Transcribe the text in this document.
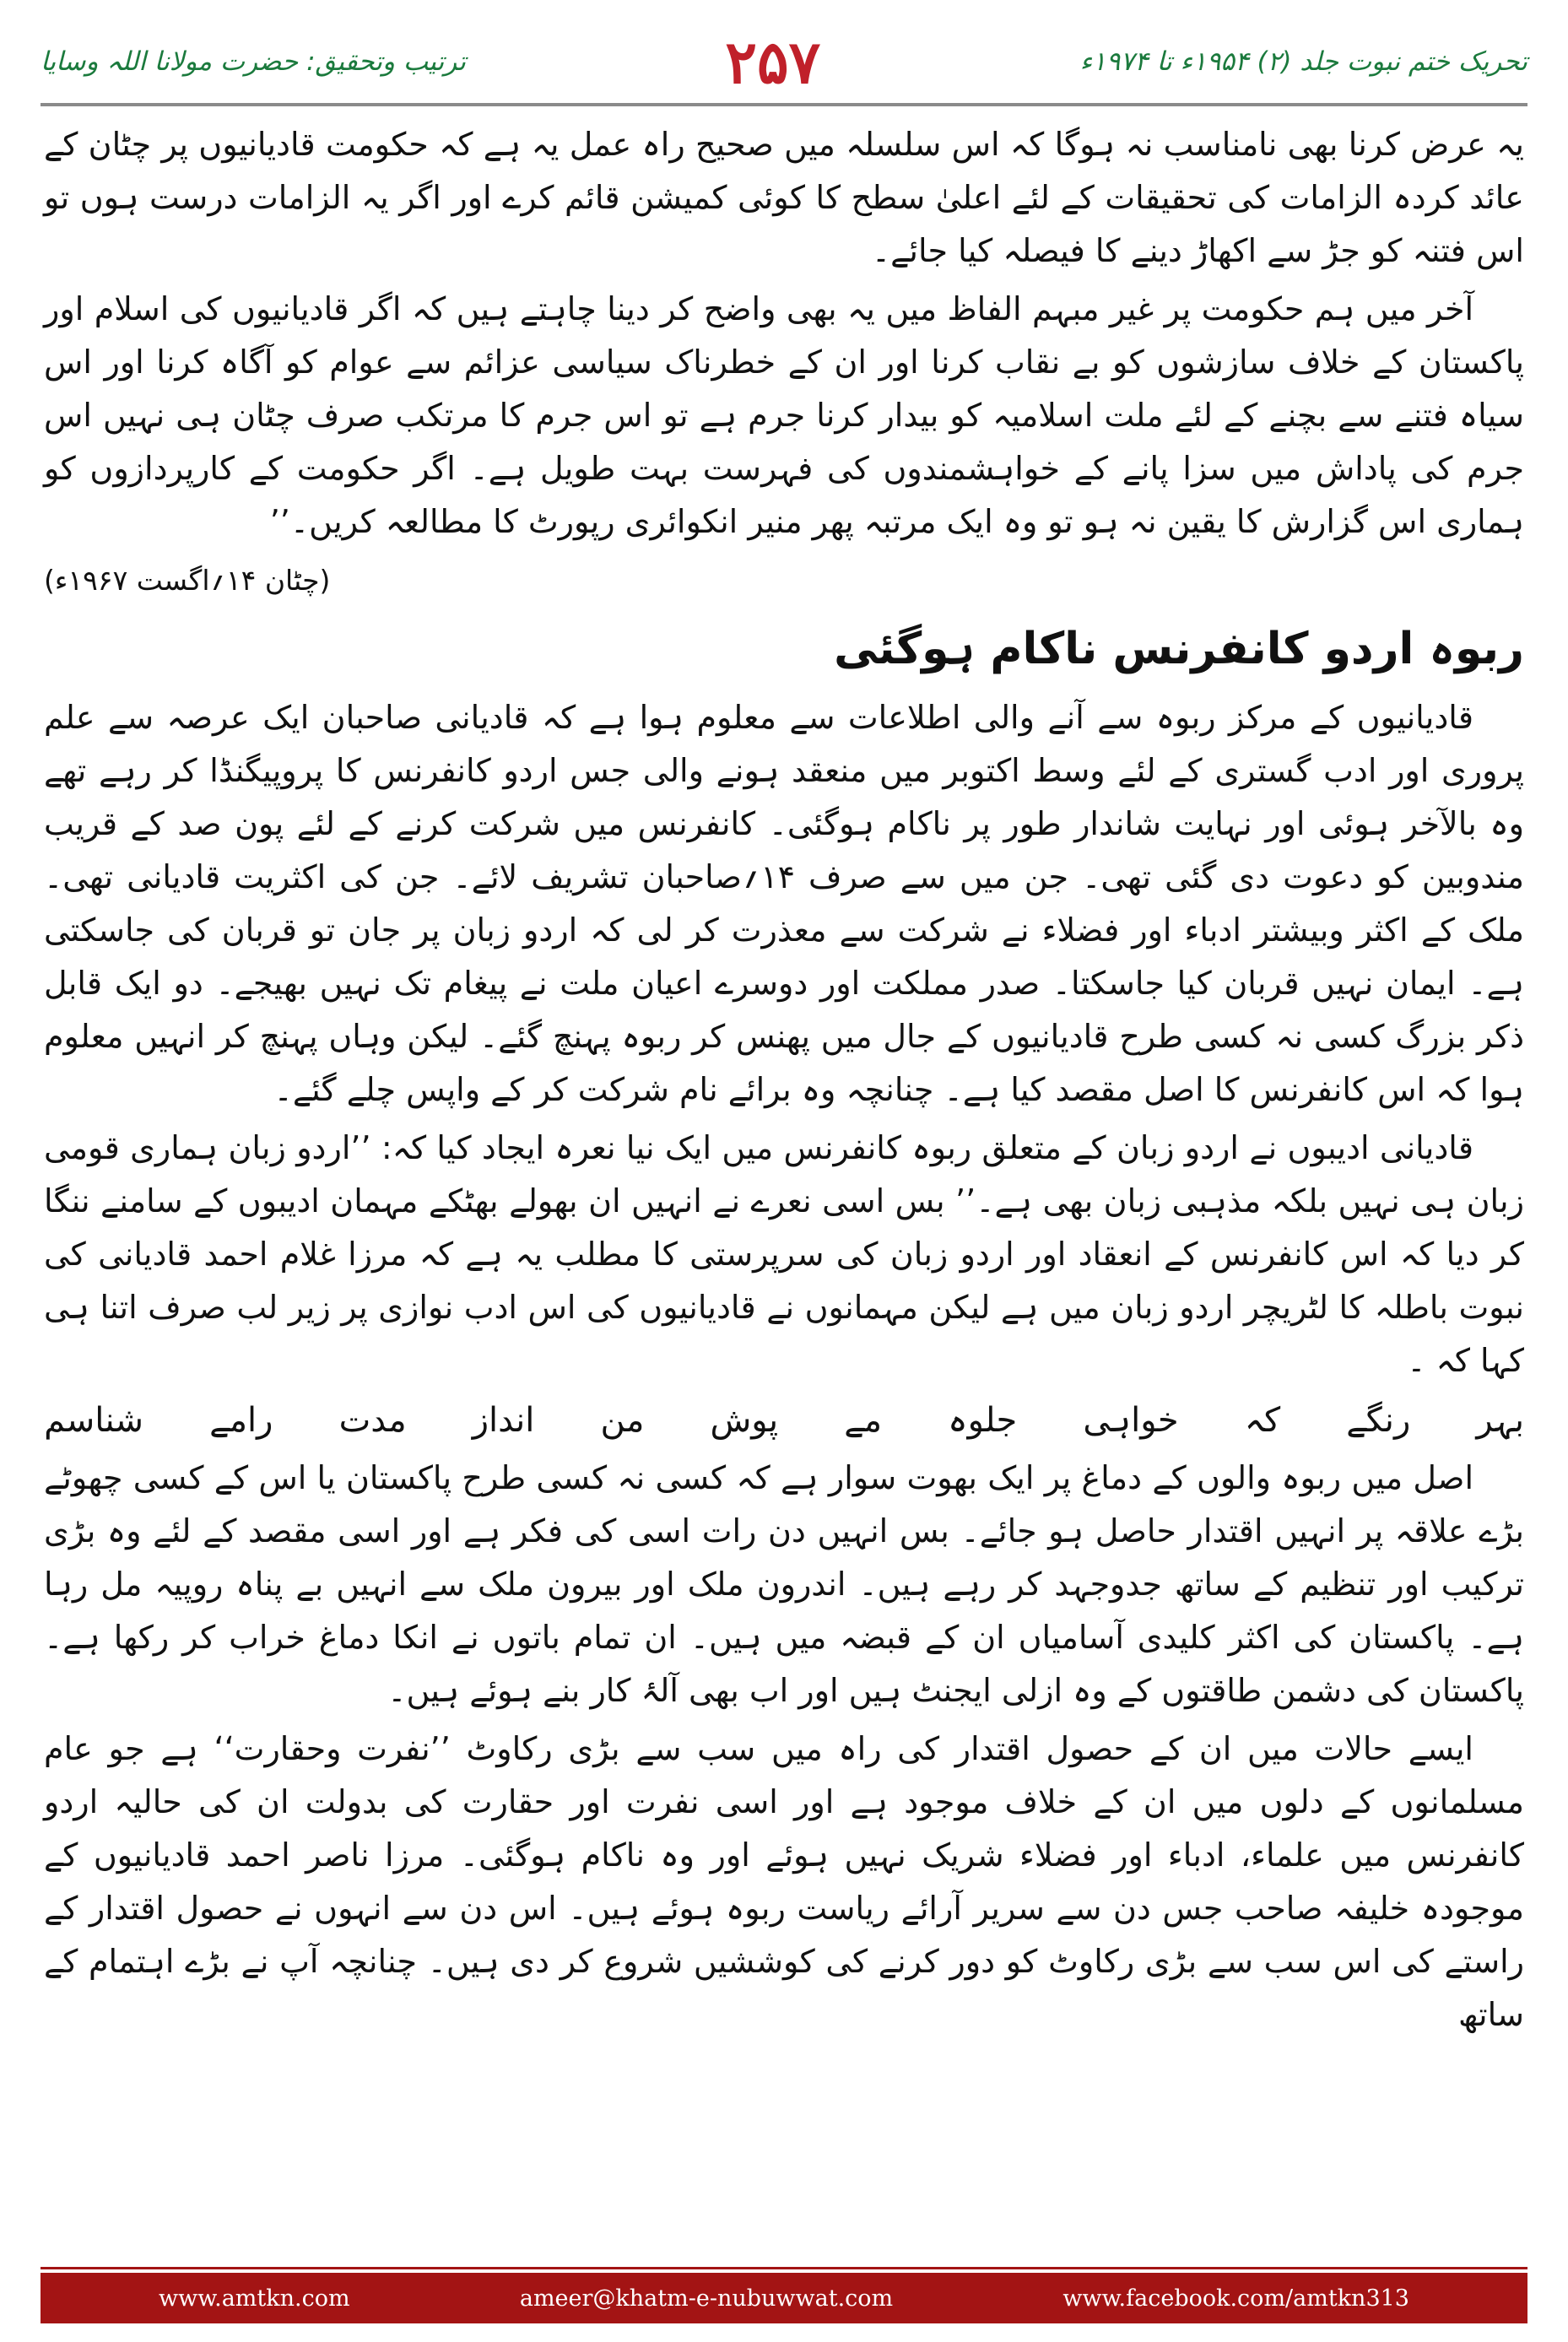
ترتیب وتحقیق: حضرت مولانا اللہ وسایا	۲۵۷	تحریک ختم نبوت جلد (۲) ۱۹۵۴ء تا ۱۹۷۴ء

یہ عرض کرنا بھی نامناسب نہ ہوگا کہ اس سلسلہ میں صحیح راہ عمل یہ ہے کہ حکومت قادیانیوں پر چٹان کے عائد کردہ الزامات کی تحقیقات کے لئے اعلیٰ سطح کا کوئی کمیشن قائم کرے اور اگر یہ الزامات درست ہوں تو اس فتنہ کو جڑ سے اکھاڑ دینے کا فیصلہ کیا جائے۔

آخر میں ہم حکومت پر غیر مبہم الفاظ میں یہ بھی واضح کر دینا چاہتے ہیں کہ اگر قادیانیوں کی اسلام اور پاکستان کے خلاف سازشوں کو بے نقاب کرنا اور ان کے خطرناک سیاسی عزائم سے عوام کو آگاہ کرنا اور اس سیاہ فتنے سے بچنے کے لئے ملت اسلامیہ کو بیدار کرنا جرم ہے تو اس جرم کا مرتکب صرف چٹان ہی نہیں اس جرم کی پاداش میں سزا پانے کے خواہشمندوں کی فہرست بہت طویل ہے۔ اگر حکومت کے کارپردازوں کو ہماری اس گزارش کا یقین نہ ہو تو وہ ایک مرتبہ پھر منیر انکوائری رپورٹ کا مطالعہ کریں۔’’

(چٹان ۱۴؍اگست ۱۹۶۷ء)
ربوہ اردو کانفرنس ناکام ہوگئی

قادیانیوں کے مرکز ربوہ سے آنے والی اطلاعات سے معلوم ہوا ہے کہ قادیانی صاحبان ایک عرصہ سے علم پروری اور ادب گستری کے لئے وسط اکتوبر میں منعقد ہونے والی جس اردو کانفرنس کا پروپیگنڈا کر رہے تھے وہ بالآخر ہوئی اور نہایت شاندار طور پر ناکام ہوگئی۔ کانفرنس میں شرکت کرنے کے لئے پون صد کے قریب مندوبین کو دعوت دی گئی تھی۔ جن میں سے صرف ۱۴؍صاحبان تشریف لائے۔ جن کی اکثریت قادیانی تھی۔ ملک کے اکثر وبیشتر ادباء اور فضلاء نے شرکت سے معذرت کر لی کہ اردو زبان پر جان تو قربان کی جاسکتی ہے۔ ایمان نہیں قربان کیا جاسکتا۔ صدر مملکت اور دوسرے اعیان ملت نے پیغام تک نہیں بھیجے۔ دو ایک قابل ذکر بزرگ کسی نہ کسی طرح قادیانیوں کے جال میں پھنس کر ربوہ پہنچ گئے۔ لیکن وہاں پہنچ کر انہیں معلوم ہوا کہ اس کانفرنس کا اصل مقصد کیا ہے۔ چنانچہ وہ برائے نام شرکت کر کے واپس چلے گئے۔

قادیانی ادیبوں نے اردو زبان کے متعلق ربوہ کانفرنس میں ایک نیا نعرہ ایجاد کیا کہ: ’’اردو زبان ہماری قومی زبان ہی نہیں بلکہ مذہبی زبان بھی ہے۔’’ بس اسی نعرے نے انہیں ان بھولے بھٹکے مہمان ادیبوں کے سامنے ننگا کر دیا کہ اس کانفرنس کے انعقاد اور اردو زبان کی سرپرستی کا مطلب یہ ہے کہ مرزا غلام احمد قادیانی کی نبوت باطلہ کا لٹریچر اردو زبان میں ہے لیکن مہمانوں نے قادیانیوں کی اس ادب نوازی پر زیر لب صرف اتنا ہی کہا کہ ۔

بہر
رنگے
کہ
خواہی
جلوہ
مے
پوش
من
انداز
مدت
رامے
شناسم

اصل میں ربوہ والوں کے دماغ پر ایک بھوت سوار ہے کہ کسی نہ کسی طرح پاکستان یا اس کے کسی چھوٹے بڑے علاقہ پر انہیں اقتدار حاصل ہو جائے۔ بس انہیں دن رات اسی کی فکر ہے اور اسی مقصد کے لئے وہ بڑی ترکیب اور تنظیم کے ساتھ جدوجہد کر رہے ہیں۔ اندرون ملک اور بیرون ملک سے انہیں بے پناہ روپیہ مل رہا ہے۔ پاکستان کی اکثر کلیدی آسامیاں ان کے قبضہ میں ہیں۔ ان تمام باتوں نے انکا دماغ خراب کر رکھا ہے۔ پاکستان کی دشمن طاقتوں کے وہ ازلی ایجنٹ ہیں اور اب بھی آلۂ کار بنے ہوئے ہیں۔

ایسے حالات میں ان کے حصول اقتدار کی راہ میں سب سے بڑی رکاوٹ ’’نفرت وحقارت‘‘ ہے جو عام مسلمانوں کے دلوں میں ان کے خلاف موجود ہے اور اسی نفرت اور حقارت کی بدولت ان کی حالیہ اردو کانفرنس میں علماء، ادباء اور فضلاء شریک نہیں ہوئے اور وہ ناکام ہوگئی۔ مرزا ناصر احمد قادیانیوں کے موجودہ خلیفہ صاحب جس دن سے سریر آرائے ریاست ربوہ ہوئے ہیں۔ اس دن سے انہوں نے حصول اقتدار کے راستے کی اس سب سے بڑی رکاوٹ کو دور کرنے کی کوششیں شروع کر دی ہیں۔ چنانچہ آپ نے بڑے اہتمام کے ساتھ

www.amtkn.com	ameer@khatm-e-nubuwwat.com	www.facebook.com/amtkn313
